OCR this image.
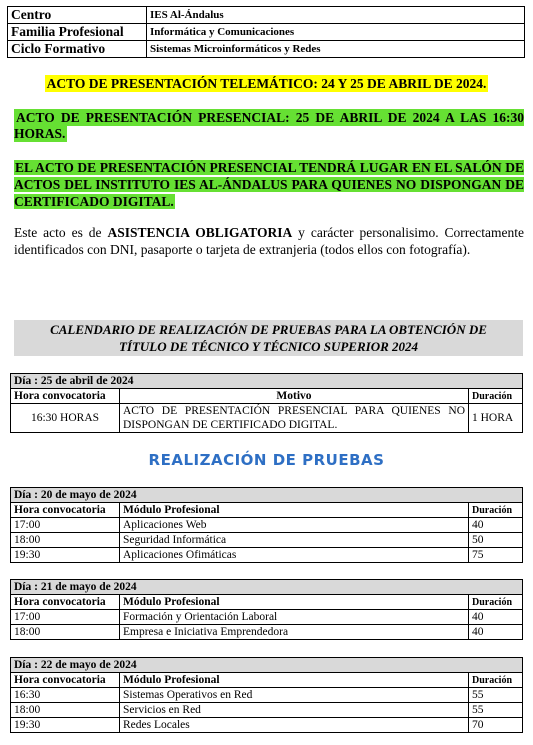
Centro	IES Al-Ándalus
Familia Profesional	Informática y Comunicaciones
Ciclo Formativo	Sistemas Microinformáticos y Redes
ACTO DE PRESENTACIÓN TELEMÁTICO: 24 Y 25 DE ABRIL DE 2024.
ACTO DE PRESENTACIÓN PRESENCIAL: 25 DE ABRIL DE 2024 A LAS 16:30 HORAS.
EL ACTO DE PRESENTACIÓN PRESENCIAL TENDRÁ LUGAR EN EL SALÓN DE ACTOS DEL INSTITUTO IES AL-ÁNDALUS PARA QUIENES NO DISPONGAN DE CERTIFICADO DIGITAL.
Este acto es de ASISTENCIA OBLIGATORIA y carácter personalisimo. Correctamente identificados con DNI, pasaporte o tarjeta de extranjeria (todos ellos con fotografía).
CALENDARIO DE REALIZACIÓN DE PRUEBAS PARA LA OBTENCIÓN DE
TÍTULO DE TÉCNICO Y TÉCNICO SUPERIOR 2024
Día : 25 de abril de 2024		
Hora convocatoria	Motivo	Duración
16:30 HORAS	ACTO DE PRESENTACIÓN PRESENCIAL PARA QUIENES NO DISPONGAN DE CERTIFICADO DIGITAL.	1 HORA
REALIZACIÓN DE PRUEBAS
Día : 20 de mayo de 2024		
Hora convocatoria	Módulo Profesional	Duración
17:00	Aplicaciones Web	40
18:00	Seguridad Informática	50
19:30	Aplicaciones Ofimáticas	75
Día : 21 de mayo de 2024		
Hora convocatoria	Módulo Profesional	Duración
17:00	Formación y Orientación Laboral	40
18:00	Empresa e Iniciativa Emprendedora	40
Día : 22 de mayo de 2024		
Hora convocatoria	Módulo Profesional	Duración
16:30	Sistemas Operativos en Red	55
18:00	Servicios en Red	55
19:30	Redes Locales	70
